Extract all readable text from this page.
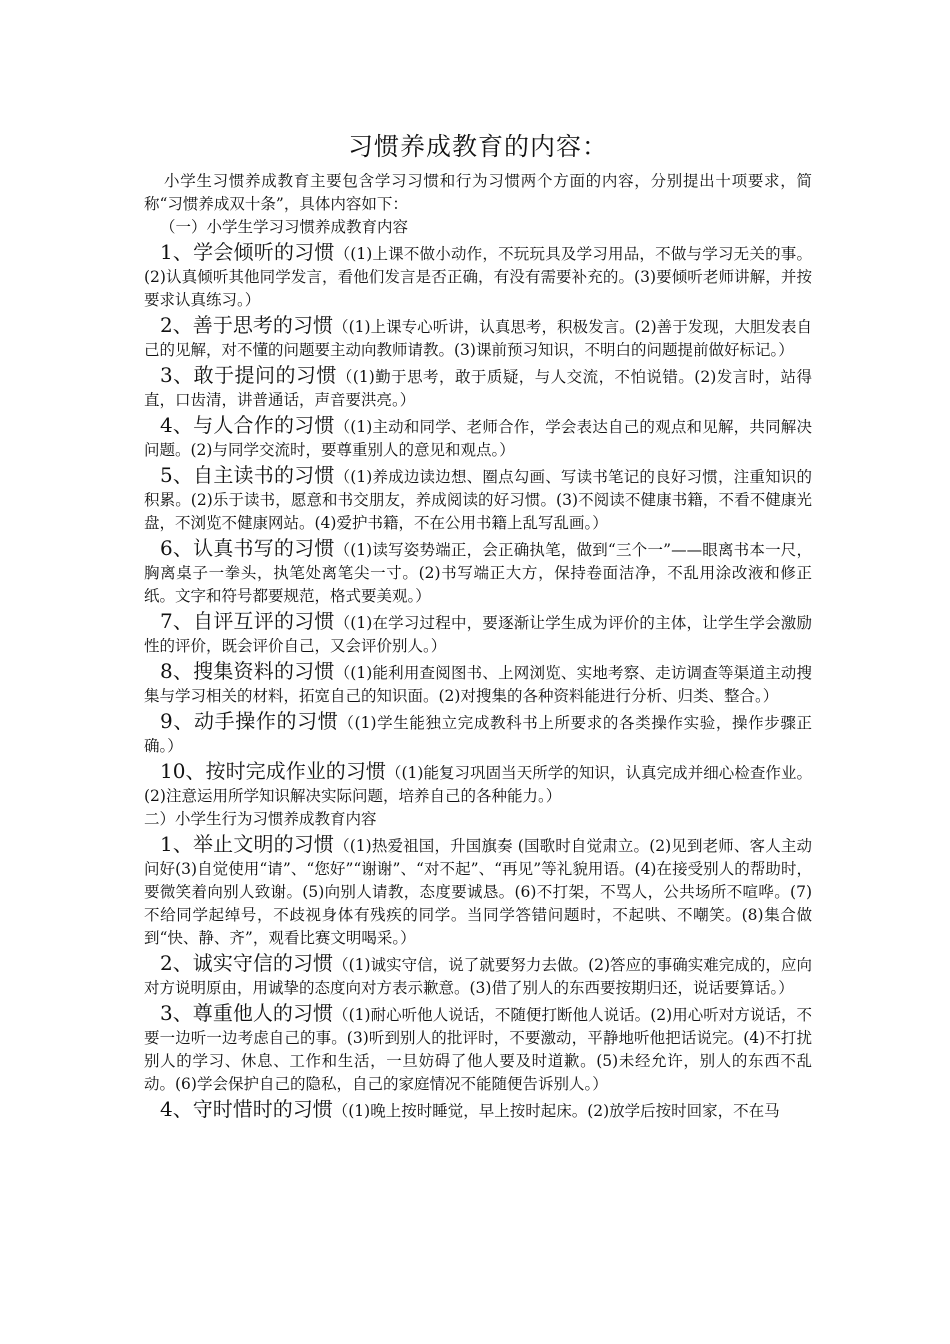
习惯养成教育的内容：

小学生习惯养成教育主要包含学习习惯和行为习惯两个方面的内容，分别提出十项要求，简称“习惯养成双十条”，具体内容如下：

（一）小学生学习习惯养成教育内容

1、学会倾听的习惯（(1)上课不做小动作，不玩玩具及学习用品，不做与学习无关的事。(2)认真倾听其他同学发言，看他们发言是否正确，有没有需要补充的。(3)要倾听老师讲解，并按要求认真练习。）

2、善于思考的习惯（(1)上课专心听讲，认真思考，积极发言。(2)善于发现，大胆发表自己的见解，对不懂的问题要主动向教师请教。(3)课前预习知识，不明白的问题提前做好标记。）

3、敢于提问的习惯（(1)勤于思考，敢于质疑，与人交流，不怕说错。(2)发言时，站得直，口齿清，讲普通话，声音要洪亮。）

4、与人合作的习惯（(1)主动和同学、老师合作，学会表达自己的观点和见解，共同解决问题。(2)与同学交流时，要尊重别人的意见和观点。）

5、自主读书的习惯（(1)养成边读边想、圈点勾画、写读书笔记的良好习惯，注重知识的积累。(2)乐于读书，愿意和书交朋友，养成阅读的好习惯。(3)不阅读不健康书籍，不看不健康光盘，不浏览不健康网站。(4)爱护书籍，不在公用书籍上乱写乱画。）

6、认真书写的习惯（(1)读写姿势端正，会正确执笔，做到“三个一”——眼离书本一尺，胸离桌子一拳头，执笔处离笔尖一寸。(2)书写端正大方，保持卷面洁净，不乱用涂改液和修正纸。文字和符号都要规范，格式要美观。）

7、自评互评的习惯（(1)在学习过程中，要逐渐让学生成为评价的主体，让学生学会激励性的评价，既会评价自己，又会评价别人。）

8、搜集资料的习惯（(1)能利用查阅图书、上网浏览、实地考察、走访调查等渠道主动搜集与学习相关的材料，拓宽自己的知识面。(2)对搜集的各种资料能进行分析、归类、整合。）

9、动手操作的习惯（(1)学生能独立完成教科书上所要求的各类操作实验，操作步骤正确。）

10、按时完成作业的习惯（(1)能复习巩固当天所学的知识，认真完成并细心检查作业。(2)注意运用所学知识解决实际问题，培养自己的各种能力。）

二）小学生行为习惯养成教育内容

1、举止文明的习惯（(1)热爱祖国，升国旗奏 (国歌时自觉肃立。(2)见到老师、客人主动问好(3)自觉使用“请”、“您好”“谢谢”、“对不起”、“再见”等礼貌用语。(4)在接受别人的帮助时，要微笑着向别人致谢。(5)向别人请教，态度要诚恳。(6)不打架，不骂人，公共场所不喧哗。(7)不给同学起绰号，不歧视身体有残疾的同学。当同学答错问题时，不起哄、不嘲笑。(8)集合做到“快、静、齐”，观看比赛文明喝采。）

2、诚实守信的习惯（(1)诚实守信，说了就要努力去做。(2)答应的事确实难完成的，应向对方说明原由，用诚挚的态度向对方表示歉意。(3)借了别人的东西要按期归还，说话要算话。）

3、尊重他人的习惯（(1)耐心听他人说话，不随便打断他人说话。(2)用心听对方说话，不要一边听一边考虑自己的事。(3)听到别人的批评时，不要激动，平静地听他把话说完。(4)不打扰别人的学习、休息、工作和生活，一旦妨碍了他人要及时道歉。(5)未经允许，别人的东西不乱动。(6)学会保护自己的隐私，自己的家庭情况不能随便告诉别人。）

4、守时惜时的习惯（(1)晚上按时睡觉，早上按时起床。(2)放学后按时回家，不在马
